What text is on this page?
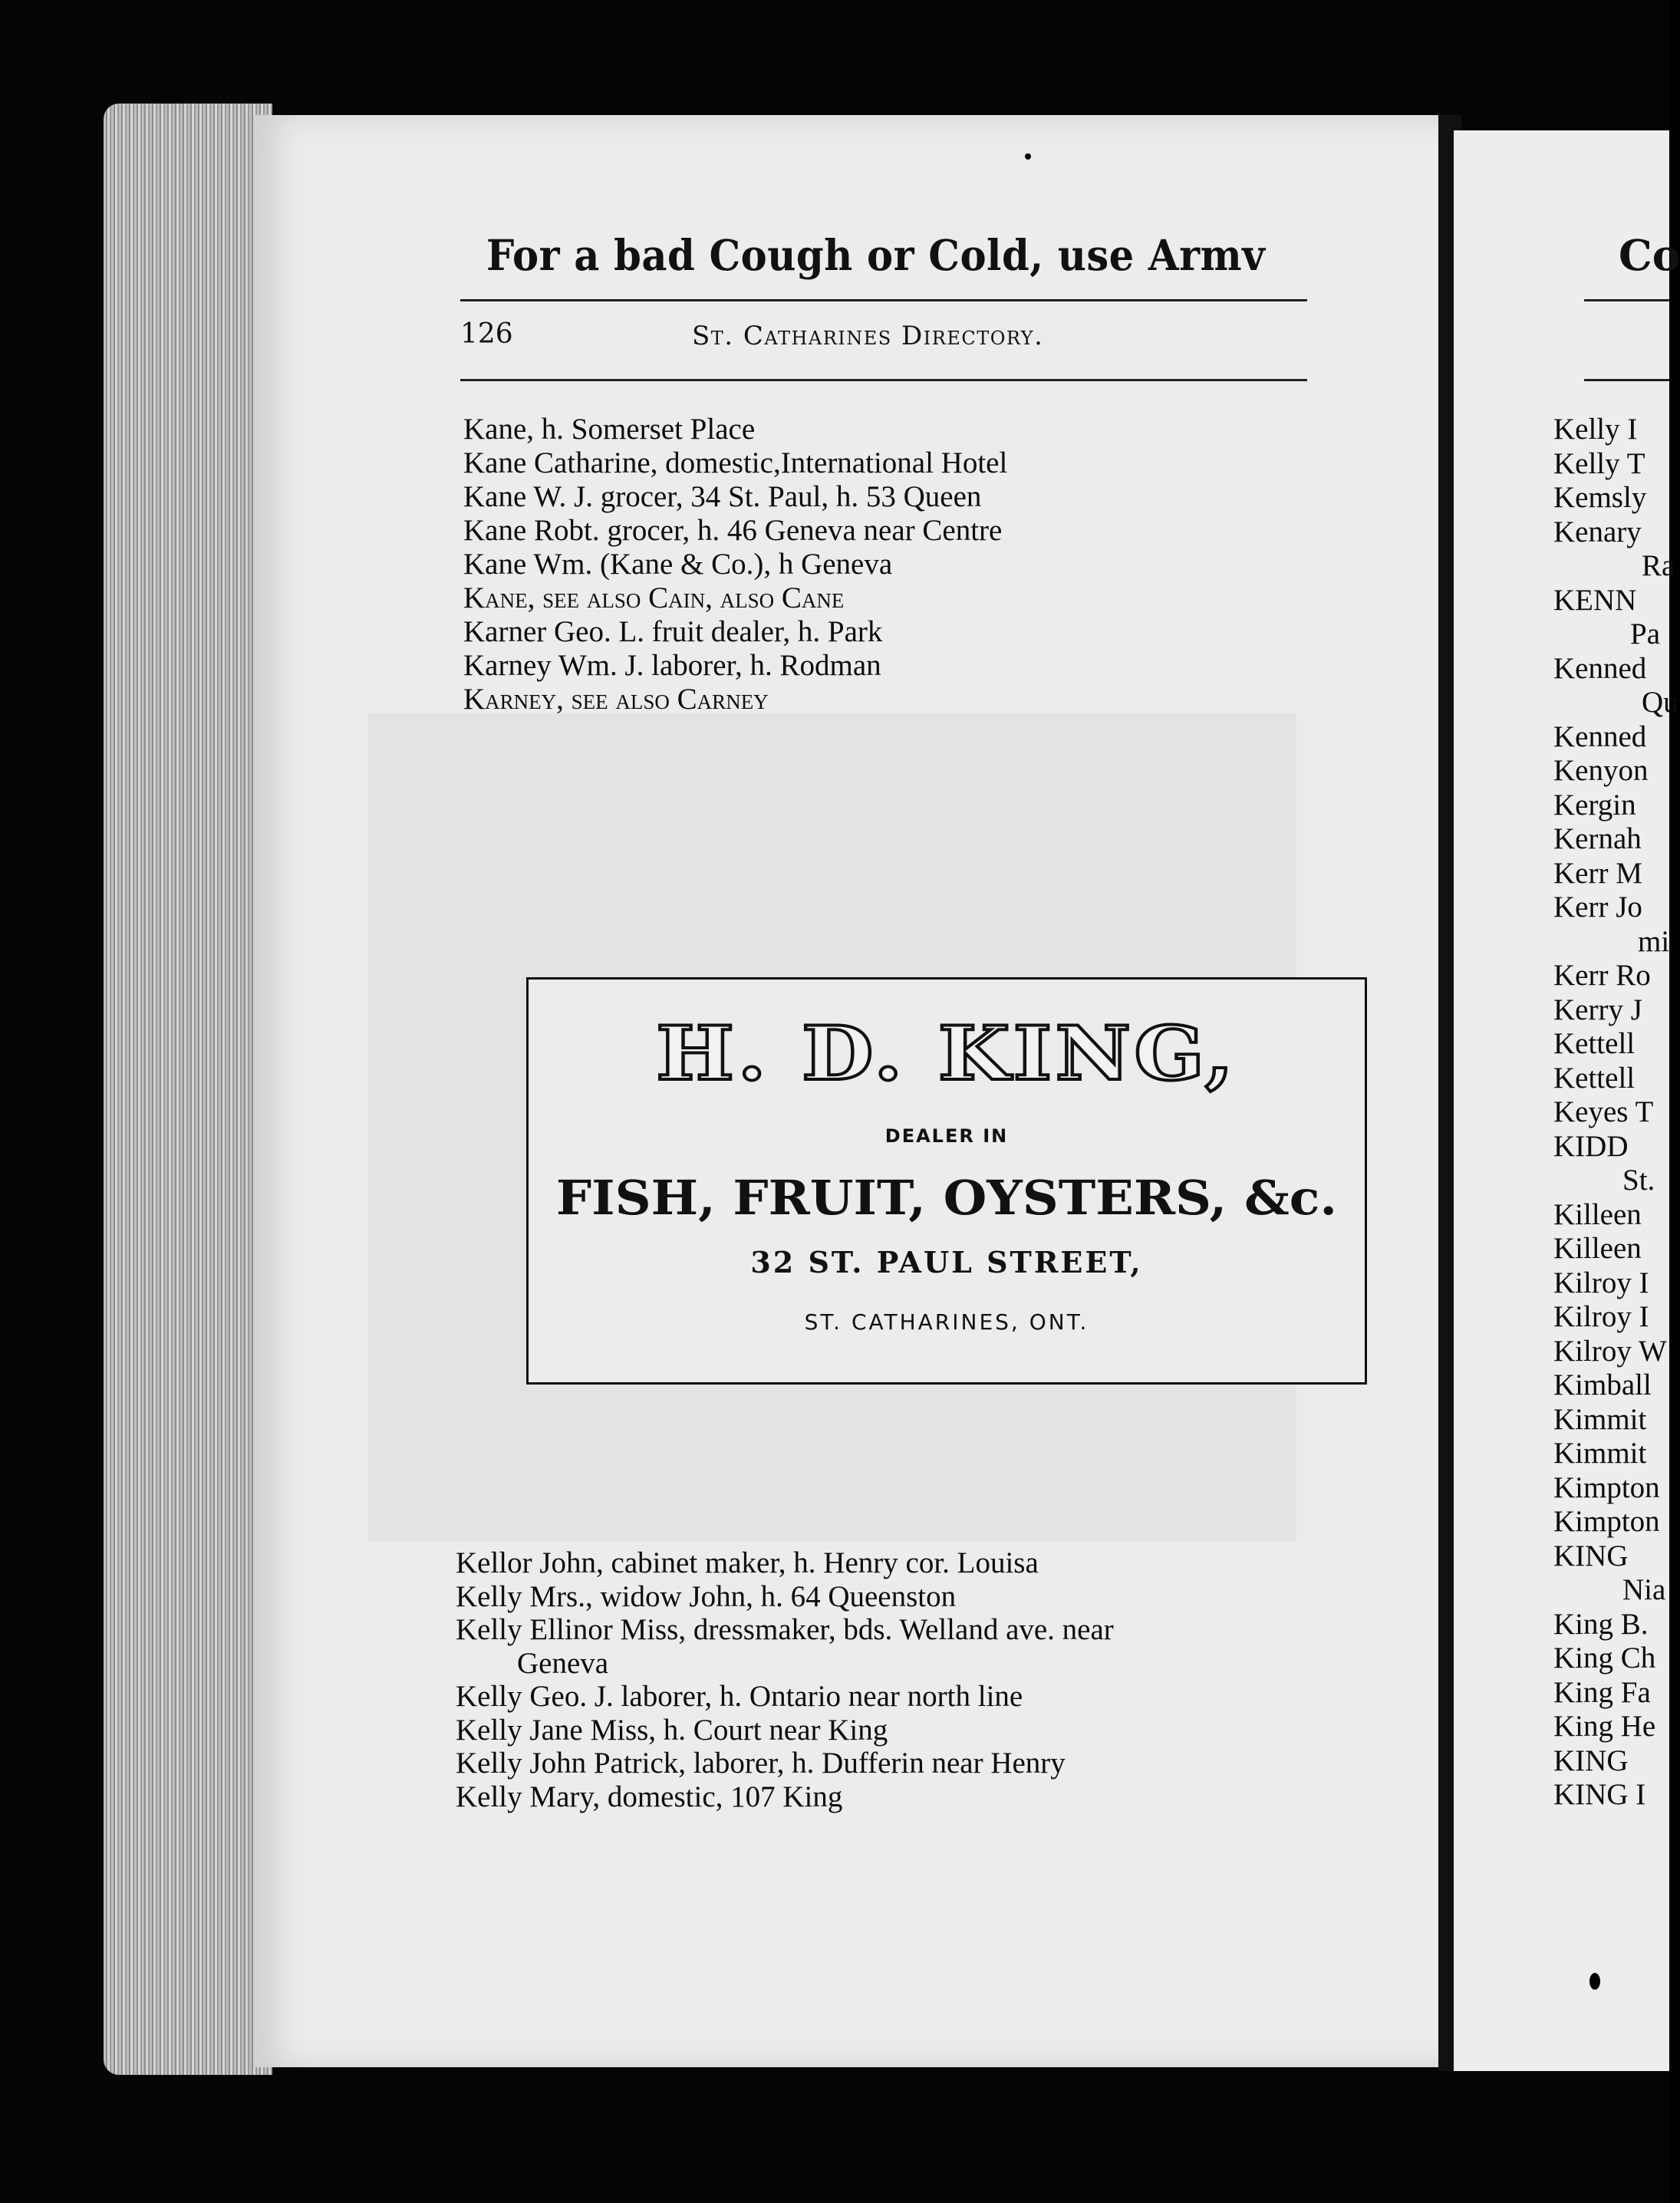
For a bad Cough or Cold, use Armv
126	St. Catharines Directory.
Kane, h. Somerset Place
Kane Catharine, domestic,International Hotel
Kane W. J. grocer, 34 St. Paul, h. 53 Queen
Kane Robt. grocer, h. 46 Geneva near Centre
Kane Wm. (Kane & Co.), h Geneva
Kane, see also Cain, also Cane
Karner Geo. L. fruit dealer, h. Park
Karney Wm. J. laborer, h. Rodman
Karney, see also Carney
H. D. KING,
DEALER IN
FISH, FRUIT, OYSTERS, &c.
32 ST. PAUL STREET,
ST. CATHARINES, ONT.
Kellor John, cabinet maker, h. Henry cor. Louisa
Kelly Mrs., widow John, h. 64 Queenston
Kelly Ellinor Miss, dressmaker, bds. Welland ave. near
Geneva
Kelly Geo. J. laborer, h. Ontario near north line
Kelly Jane Miss, h. Court near King
Kelly John Patrick, laborer, h. Dufferin near Henry
Kelly Mary, domestic, 107 King
Co
Kelly I
Kelly T
Kemsly
Kenary
Ra
KENN
Pa
Kenned
Qu
Kenned
Kenyon
Kergin
Kernah
Kerr M
Kerr Jo
mi
Kerr Ro
Kerry J
Kettell
Kettell
Keyes T
KIDD
St.
Killeen
Killeen
Kilroy I
Kilroy I
Kilroy W
Kimball
Kimmit
Kimmit
Kimpton
Kimpton
KING
Nia
King B.
King Ch
King Fa
King He
KING
KING I
